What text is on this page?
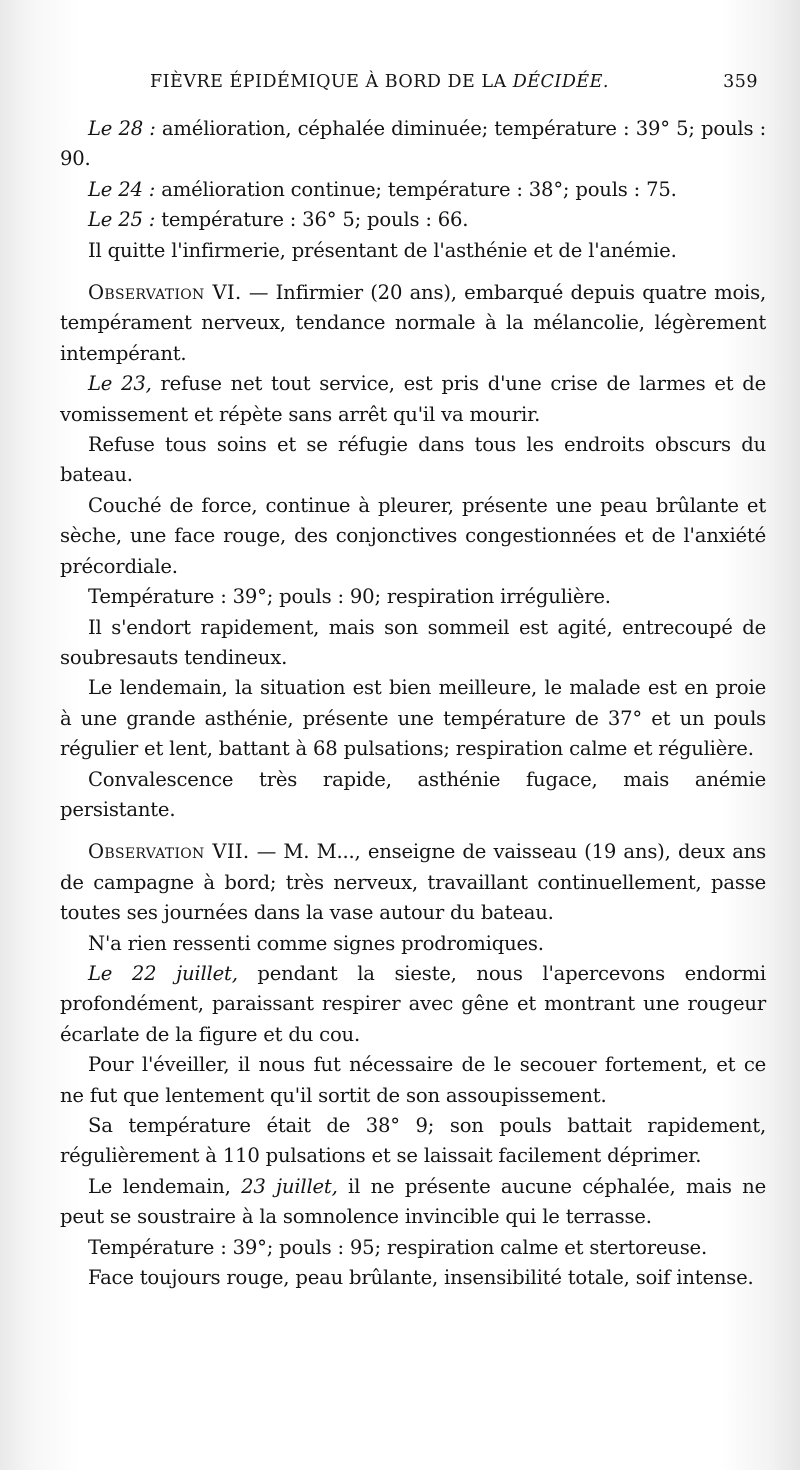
FIÈVRE ÉPIDÉMIQUE À BORD DE LA DÉCIDÉE.	359

Le 28 : amélioration, céphalée diminuée; température : 39° 5; pouls : 90.

Le 24 : amélioration continue; température : 38°; pouls : 75.

Le 25 : température : 36° 5; pouls : 66.

Il quitte l'infirmerie, présentant de l'asthénie et de l'anémie.

Observation VI. — Infirmier (20 ans), embarqué depuis quatre mois, tempérament nerveux, tendance normale à la mélancolie, légèrement intempérant.

Le 23, refuse net tout service, est pris d'une crise de larmes et de vomissement et répète sans arrêt qu'il va mourir.

Refuse tous soins et se réfugie dans tous les endroits obscurs du bateau.

Couché de force, continue à pleurer, présente une peau brûlante et sèche, une face rouge, des conjonctives congestionnées et de l'anxiété précordiale.

Température : 39°; pouls : 90; respiration irrégulière.

Il s'endort rapidement, mais son sommeil est agité, entrecoupé de soubresauts tendineux.

Le lendemain, la situation est bien meilleure, le malade est en proie à une grande asthénie, présente une température de 37° et un pouls régulier et lent, battant à 68 pulsations; respiration calme et régulière.

Convalescence très rapide, asthénie fugace, mais anémie persistante.

Observation VII. — M. M..., enseigne de vaisseau (19 ans), deux ans de campagne à bord; très nerveux, travaillant continuellement, passe toutes ses journées dans la vase autour du bateau.

N'a rien ressenti comme signes prodromiques.

Le 22 juillet, pendant la sieste, nous l'apercevons endormi profondément, paraissant respirer avec gêne et montrant une rougeur écarlate de la figure et du cou.

Pour l'éveiller, il nous fut nécessaire de le secouer fortement, et ce ne fut que lentement qu'il sortit de son assoupissement.

Sa température était de 38° 9; son pouls battait rapidement, régulièrement à 110 pulsations et se laissait facilement déprimer.

Le lendemain, 23 juillet, il ne présente aucune céphalée, mais ne peut se soustraire à la somnolence invincible qui le terrasse.

Température : 39°; pouls : 95; respiration calme et stertoreuse.

Face toujours rouge, peau brûlante, insensibilité totale, soif intense.
